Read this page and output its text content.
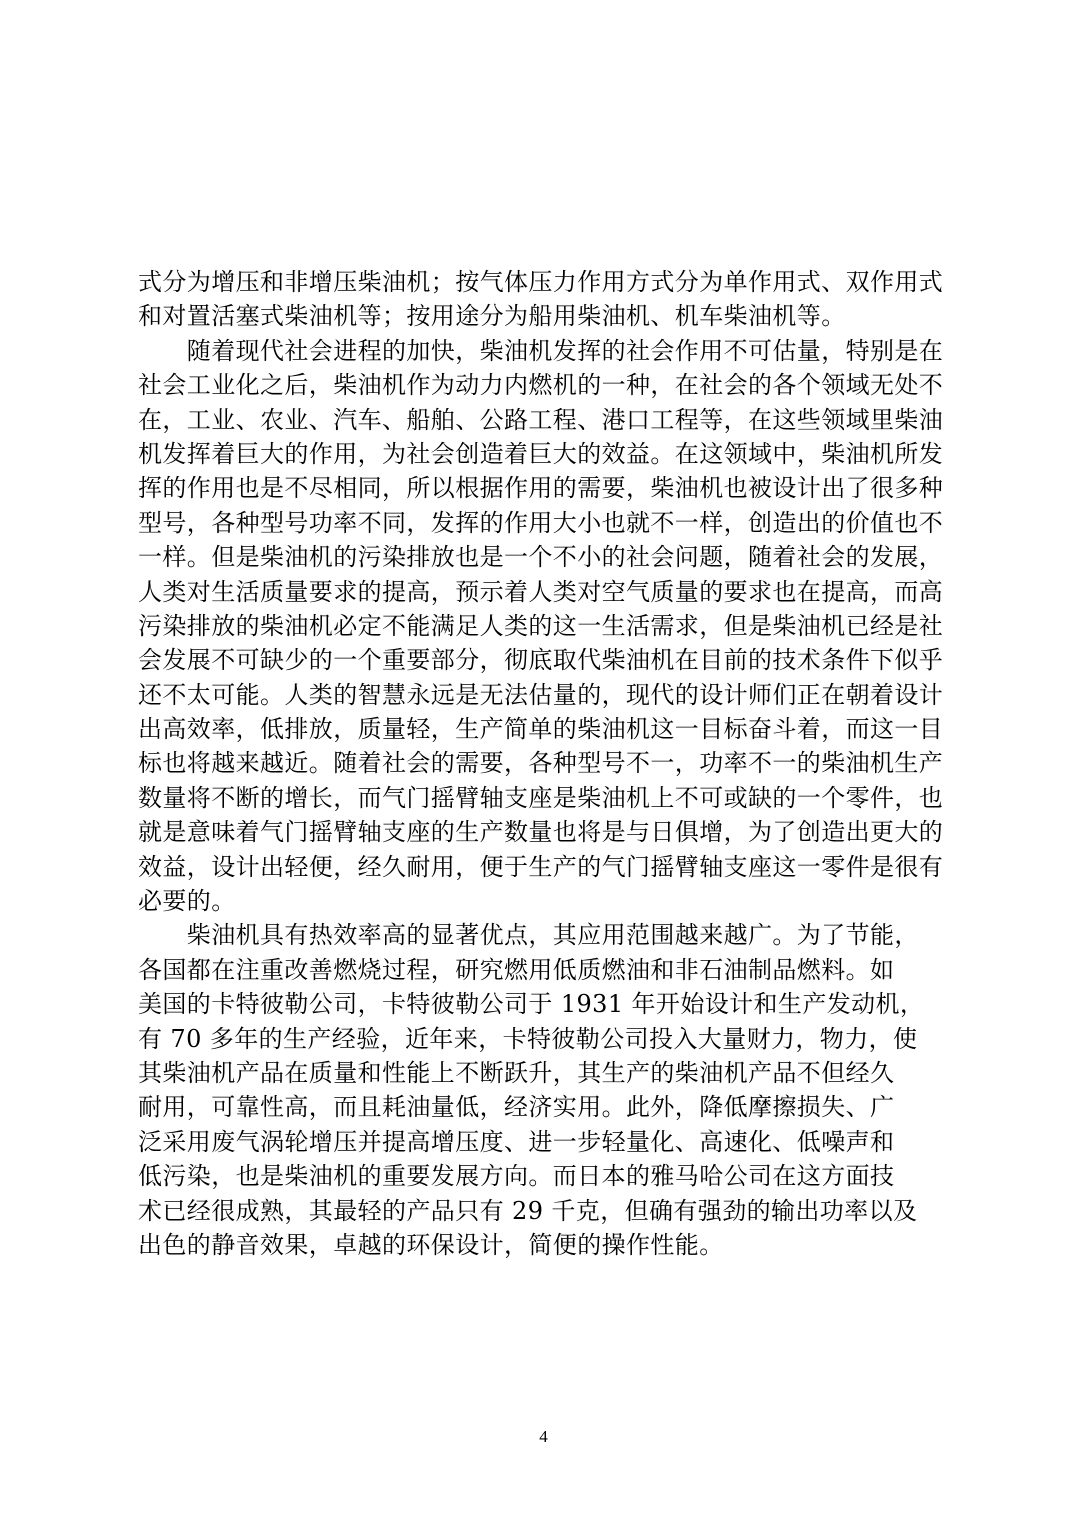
式分为增压和非增压柴油机；按气体压力作用方式分为单作用式、双作用式
和对置活塞式柴油机等；按用途分为船用柴油机、机车柴油机等。
　　随着现代社会进程的加快，柴油机发挥的社会作用不可估量，特别是在
社会工业化之后，柴油机作为动力内燃机的一种，在社会的各个领域无处不
在，工业、农业、汽车、船舶、公路工程、港口工程等，在这些领域里柴油
机发挥着巨大的作用，为社会创造着巨大的效益。在这领域中，柴油机所发
挥的作用也是不尽相同，所以根据作用的需要，柴油机也被设计出了很多种
型号，各种型号功率不同，发挥的作用大小也就不一样，创造出的价值也不
一样。但是柴油机的污染排放也是一个不小的社会问题，随着社会的发展，
人类对生活质量要求的提高，预示着人类对空气质量的要求也在提高，而高
污染排放的柴油机必定不能满足人类的这一生活需求，但是柴油机已经是社
会发展不可缺少的一个重要部分，彻底取代柴油机在目前的技术条件下似乎
还不太可能。人类的智慧永远是无法估量的，现代的设计师们正在朝着设计
出高效率，低排放，质量轻，生产简单的柴油机这一目标奋斗着，而这一目
标也将越来越近。随着社会的需要，各种型号不一，功率不一的柴油机生产
数量将不断的增长，而气门摇臂轴支座是柴油机上不可或缺的一个零件，也
就是意味着气门摇臂轴支座的生产数量也将是与日俱增，为了创造出更大的
效益，设计出轻便，经久耐用，便于生产的气门摇臂轴支座这一零件是很有
必要的。
　　柴油机具有热效率高的显著优点，其应用范围越来越广。为了节能，
各国都在注重改善燃烧过程，研究燃用低质燃油和非石油制品燃料。如
美国的卡特彼勒公司，卡特彼勒公司于 1931 年开始设计和生产发动机，
有 70 多年的生产经验，近年来，卡特彼勒公司投入大量财力，物力，使
其柴油机产品在质量和性能上不断跃升，其生产的柴油机产品不但经久
耐用，可靠性高，而且耗油量低，经济实用。此外，降低摩擦损失、广
泛采用废气涡轮增压并提高增压度、进一步轻量化、高速化、低噪声和
低污染，也是柴油机的重要发展方向。而日本的雅马哈公司在这方面技
术已经很成熟，其最轻的产品只有 29 千克，但确有强劲的输出功率以及
出色的静音效果，卓越的环保设计，简便的操作性能。
4
